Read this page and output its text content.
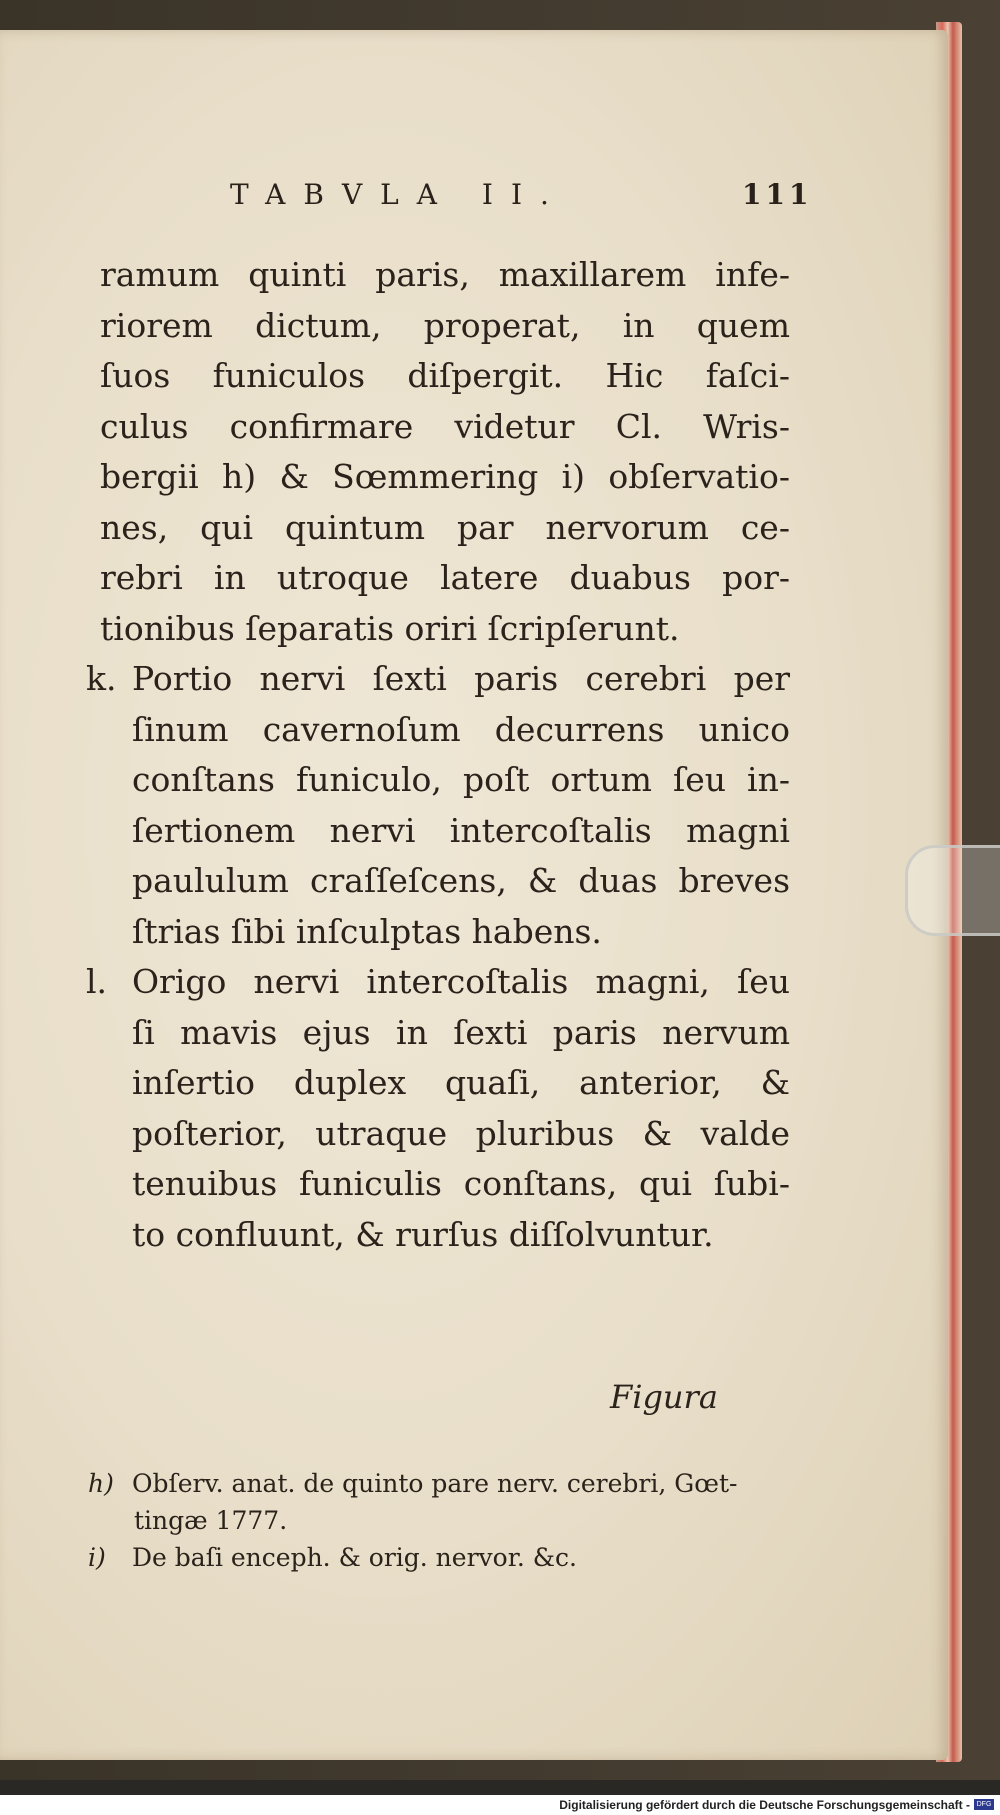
TABVLA II.	111
ramum quinti paris, maxillarem infe-
riorem dictum, properat, in quem
ſuos funiculos diſpergit. Hic faſci-
culus confirmare videtur Cl. Wris-
bergii h) & Sœmmering i) obſervatio-
nes, qui quintum par nervorum ce-
rebri in utroque latere duabus por-
tionibus ſeparatis oriri ſcripſerunt.
k. Portio nervi ſexti paris cerebri per
ſinum cavernoſum decurrens unico
conſtans funiculo, poſt ortum ſeu in-
ſertionem nervi intercoſtalis magni
paululum craſſeſcens, & duas breves
ſtrias ſibi inſculptas habens.
l. Origo nervi intercoſtalis magni, ſeu
ſi mavis ejus in ſexti paris nervum
inſertio duplex quaſi, anterior, &
poſterior, utraque pluribus & valde
tenuibus funiculis conſtans, qui ſubi-
to confluunt, & rurſus diſſolvuntur.
Figura
h) Obſerv. anat. de quinto pare nerv. cerebri, Gœt-
tingæ 1777.
i) De baſi enceph. & orig. nervor. &c.
Digitalisierung gefördert durch die Deutsche Forschungsgemeinschaft - DFG
